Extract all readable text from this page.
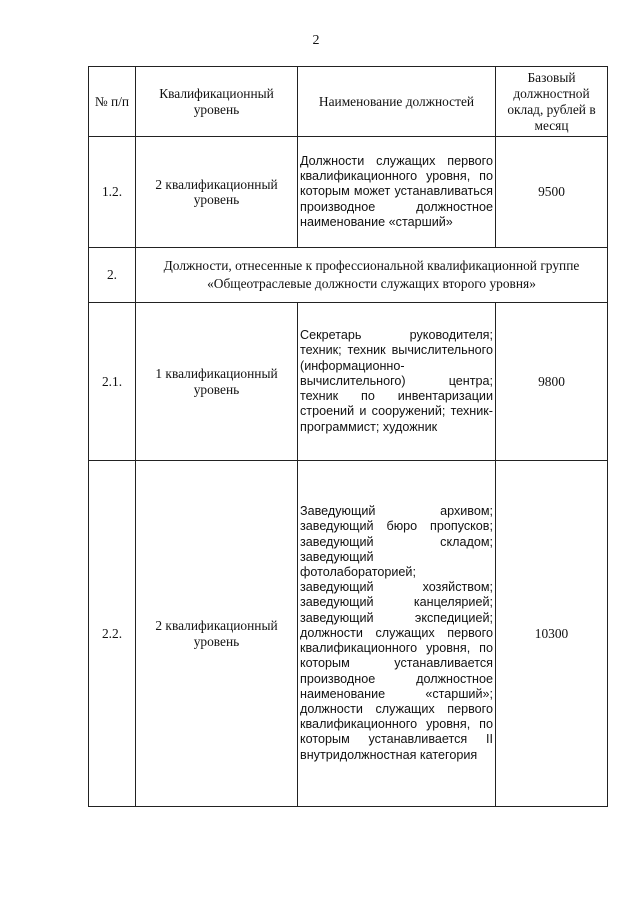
2
№ п/п	Квалификационный уровень	Наименование должностей	Базовый должностной оклад, рублей в месяц
1.2.	2 квалификационный уровень	Должности служащих первого квалификационного уровня, по которым может устанавливаться производное должностное наименование «старший»	9500
2.	Должности, отнесенные к профессиональной квалификационной группе «Общеотраслевые должности служащих второго уровня»		
2.1.	1 квалификационный уровень	Секретарь руководителя; техник; техник вычислительного (информационно-вычислительного) центра; техник по инвентаризации строений и сооружений; техник-программист; художник	9800
2.2.	2 квалификационный уровень	Заведующий архивом; заведующий бюро пропусков; заведующий складом; заведующий фотолабораторией; заведующий хозяйством; заведующий канцелярией; заведующий экспедицией; должности служащих первого квалификационного уровня, по которым устанавливается производное должностное наименование «старший»; должности служащих первого квалификационного уровня, по которым устанавливается II внутридолжностная категория	10300
